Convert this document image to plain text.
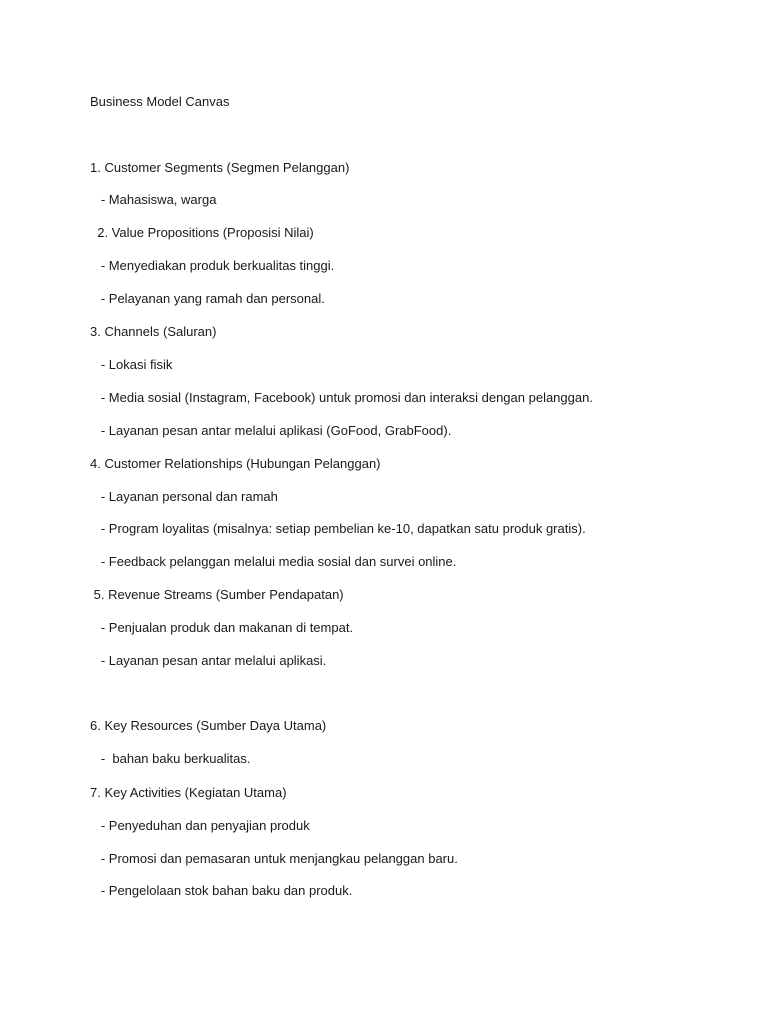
Business Model Canvas
1. Customer Segments (Segmen Pelanggan)
- Mahasiswa, warga
2. Value Propositions (Proposisi Nilai)
- Menyediakan produk berkualitas tinggi.
- Pelayanan yang ramah dan personal.
3. Channels (Saluran)
- Lokasi fisik
- Media sosial (Instagram, Facebook) untuk promosi dan interaksi dengan pelanggan.
- Layanan pesan antar melalui aplikasi (GoFood, GrabFood).
4. Customer Relationships (Hubungan Pelanggan)
- Layanan personal dan ramah
- Program loyalitas (misalnya: setiap pembelian ke-10, dapatkan satu produk gratis).
- Feedback pelanggan melalui media sosial dan survei online.
5. Revenue Streams (Sumber Pendapatan)
- Penjualan produk dan makanan di tempat.
- Layanan pesan antar melalui aplikasi.
6. Key Resources (Sumber Daya Utama)
-  bahan baku berkualitas.
7. Key Activities (Kegiatan Utama)
- Penyeduhan dan penyajian produk
- Promosi dan pemasaran untuk menjangkau pelanggan baru.
- Pengelolaan stok bahan baku dan produk.
